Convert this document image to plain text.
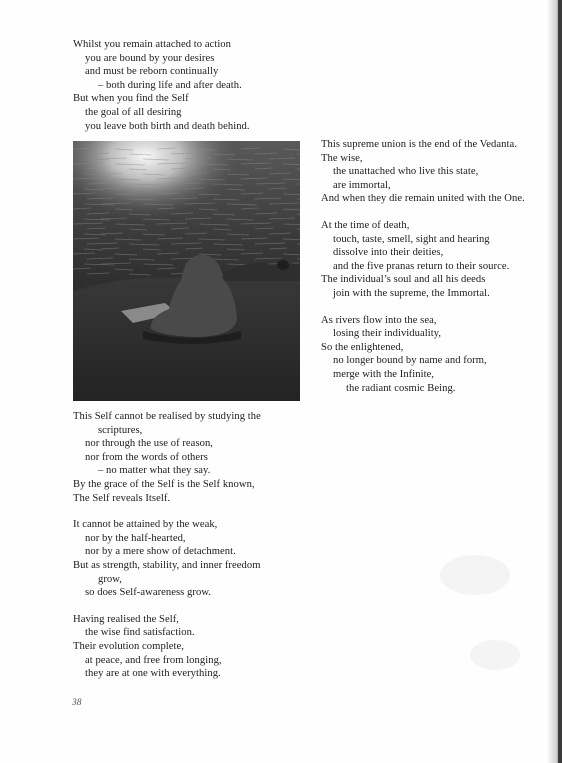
Whilst you remain attached to action
you are bound by your desires
and must be reborn continually
– both during life and after death.
But when you find the Self
the goal of all desiring
you leave both birth and death behind.
This supreme union is the end of the Vedanta.
The wise,
the unattached who live this state,
are immortal,
And when they die remain united with the One.
At the time of death,
touch, taste, smell, sight and hearing
dissolve into their deities,
and the five pranas return to their source.
The individual’s soul and all his deeds
join with the supreme, the Immortal.
As rivers flow into the sea,
losing their individuality,
So the enlightened,
no longer bound by name and form,
merge with the Infinite,
the radiant cosmic Being.
This Self cannot be realised by studying the
scriptures,
nor through the use of reason,
nor from the words of others
– no matter what they say.
By the grace of the Self is the Self known,
The Self reveals Itself.
It cannot be attained by the weak,
nor by the half-hearted,
nor by a mere show of detachment.
But as strength, stability, and inner freedom
grow,
so does Self-awareness grow.
Having realised the Self,
the wise find satisfaction.
Their evolution complete,
at peace, and free from longing,
they are at one with everything.
38
